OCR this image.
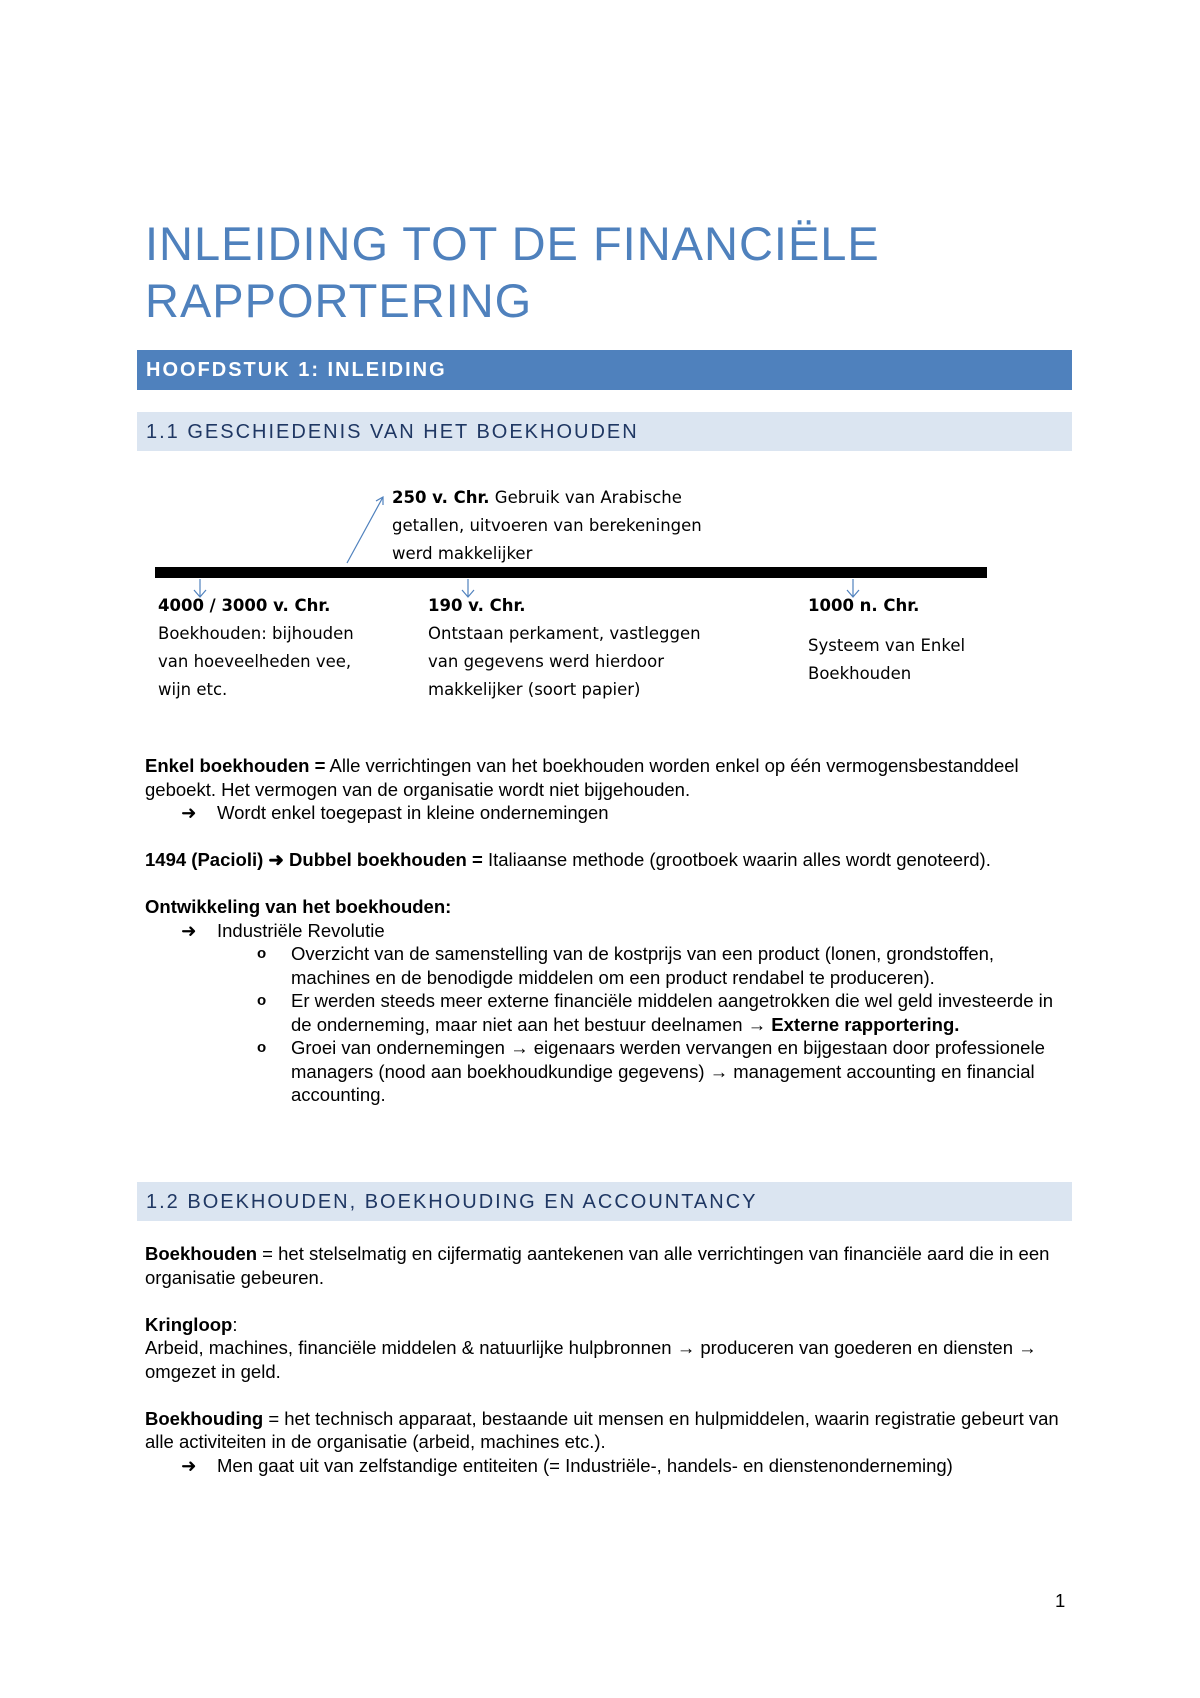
INLEIDING TOT DE FINANCIËLE RAPPORTERING
HOOFDSTUK 1: INLEIDING
1.1 GESCHIEDENIS VAN HET BOEKHOUDEN
250 v. Chr. Gebruik van Arabische
getallen, uitvoeren van berekeningen
werd makkelijker
4000 / 3000 v. Chr.
Boekhouden: bijhouden
van hoeveelheden vee,
wijn etc.
190 v. Chr.
Ontstaan perkament, vastleggen
van gegevens werd hierdoor
makkelijker (soort papier)
1000 n. Chr.
Systeem van Enkel
Boekhouden

Enkel boekhouden = Alle verrichtingen van het boekhouden worden enkel op één vermogensbestanddeel geboekt. Het vermogen van de organisatie wordt niet bijgehouden.

➜	Wordt enkel toegepast in kleine ondernemingen

1494 (Pacioli) ➜ Dubbel boekhouden = Italiaanse methode (grootboek waarin alles wordt genoteerd).

Ontwikkeling van het boekhouden:

➜	Industriële Revolutie
o Overzicht van de samenstelling van de kostprijs van een product (lonen, grondstoffen, machines en de benodigde middelen om een product rendabel te produceren).
o Er werden steeds meer externe financiële middelen aangetrokken die wel geld investeerde in de onderneming, maar niet aan het bestuur deelnamen → Externe rapportering.
o Groei van ondernemingen → eigenaars werden vervangen en bijgestaan door professionele managers (nood aan boekhoudkundige gegevens) → management accounting en financial accounting.
1.2 BOEKHOUDEN, BOEKHOUDING EN ACCOUNTANCY

Boekhouden = het stelselmatig en cijfermatig aantekenen van alle verrichtingen van financiële aard die in een organisatie gebeuren.

Kringloop:

Arbeid, machines, financiële middelen & natuurlijke hulpbronnen → produceren van goederen en diensten → omgezet in geld.

Boekhouding = het technisch apparaat, bestaande uit mensen en hulpmiddelen, waarin registratie gebeurt van alle activiteiten in de organisatie (arbeid, machines etc.).

➜	Men gaat uit van zelfstandige entiteiten (= Industriële-, handels- en dienstenonderneming)
1
